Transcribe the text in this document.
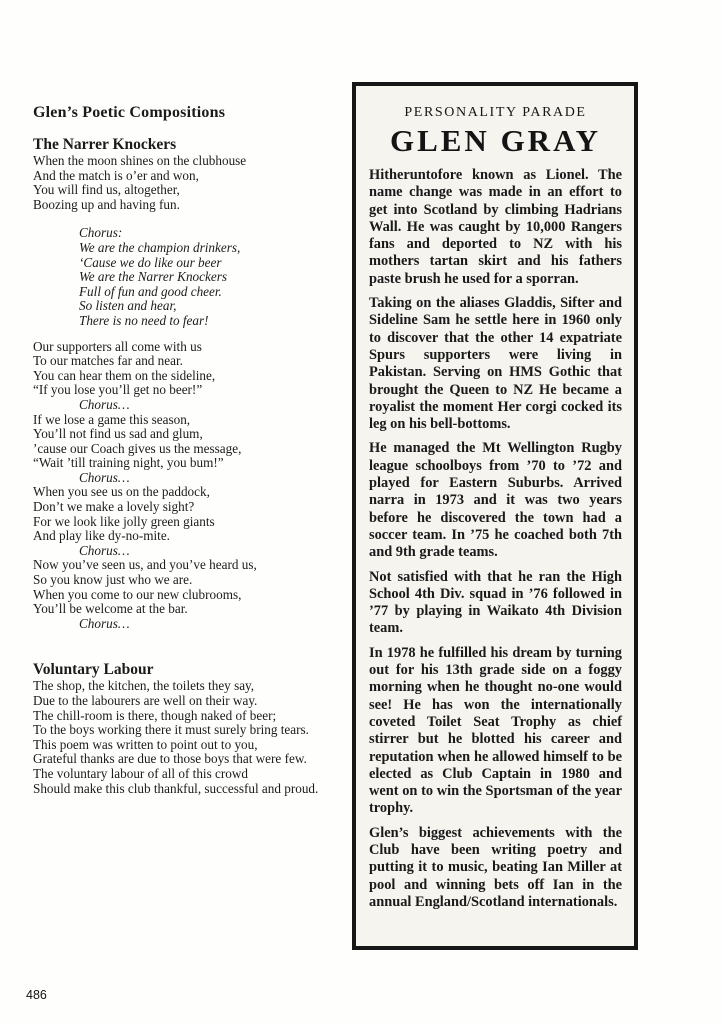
Glen’s Poetic Compositions
The Narrer Knockers
When the moon shines on the clubhouse
And the match is o’er and won,
You will find us, altogether,
Boozing up and having fun.
Chorus:
We are the champion drinkers,
‘Cause we do like our beer
We are the Narrer Knockers
Full of fun and good cheer.
So listen and hear,
There is no need to fear!
Our supporters all come with us
To our matches far and near.
You can hear them on the sideline,
“If you lose you’ll get no beer!”
Chorus…
If we lose a game this season,
You’ll not find us sad and glum,
’cause our Coach gives us the message,
“Wait ’till training night, you bum!”
Chorus…
When you see us on the paddock,
Don’t we make a lovely sight?
For we look like jolly green giants
And play like dy-no-mite.
Chorus…
Now you’ve seen us, and you’ve heard us,
So you know just who we are.
When you come to our new clubrooms,
You’ll be welcome at the bar.
Chorus…
Voluntary Labour
The shop, the kitchen, the toilets they say,
Due to the labourers are well on their way.
The chill-room is there, though naked of beer;
To the boys working there it must surely bring tears.
This poem was written to point out to you,
Grateful thanks are due to those boys that were few.
The voluntary labour of all of this crowd
Should make this club thankful, successful and proud.
PERSONALITY PARADE
GLEN GRAY

Hitheruntofore known as Lionel. The name change was made in an effort to get into Scotland by climbing Hadrians Wall. He was caught by 10,000 Rangers fans and deported to NZ with his mothers tartan skirt and his fathers paste brush he used for a sporran.

Taking on the aliases Gladdis, Sifter and Sideline Sam he settle here in 1960 only to discover that the other 14 expatriate Spurs supporters were living in Pakistan. Serving on HMS Gothic that brought the Queen to NZ He became a royalist the moment Her corgi cocked its leg on his bell-bottoms.

He managed the Mt Wellington Rugby league schoolboys from ’70 to ’72 and played for Eastern Suburbs. Arrived narra in 1973 and it was two years before he discovered the town had a soccer team. In ’75 he coached both 7th and 9th grade teams.

Not satisfied with that he ran the High School 4th Div. squad in ’76 followed in ’77 by playing in Waikato 4th Division team.

In 1978 he fulfilled his dream by turning out for his 13th grade side on a foggy morning when he thought no-one would see! He has won the internationally coveted Toilet Seat Trophy as chief stirrer but he blotted his career and reputation when he allowed himself to be elected as Club Captain in 1980 and went on to win the Sportsman of the year trophy.

Glen’s biggest achievements with the Club have been writing poetry and putting it to music, beating Ian Miller at pool and winning bets off Ian in the annual England/Scotland internationals.

486
